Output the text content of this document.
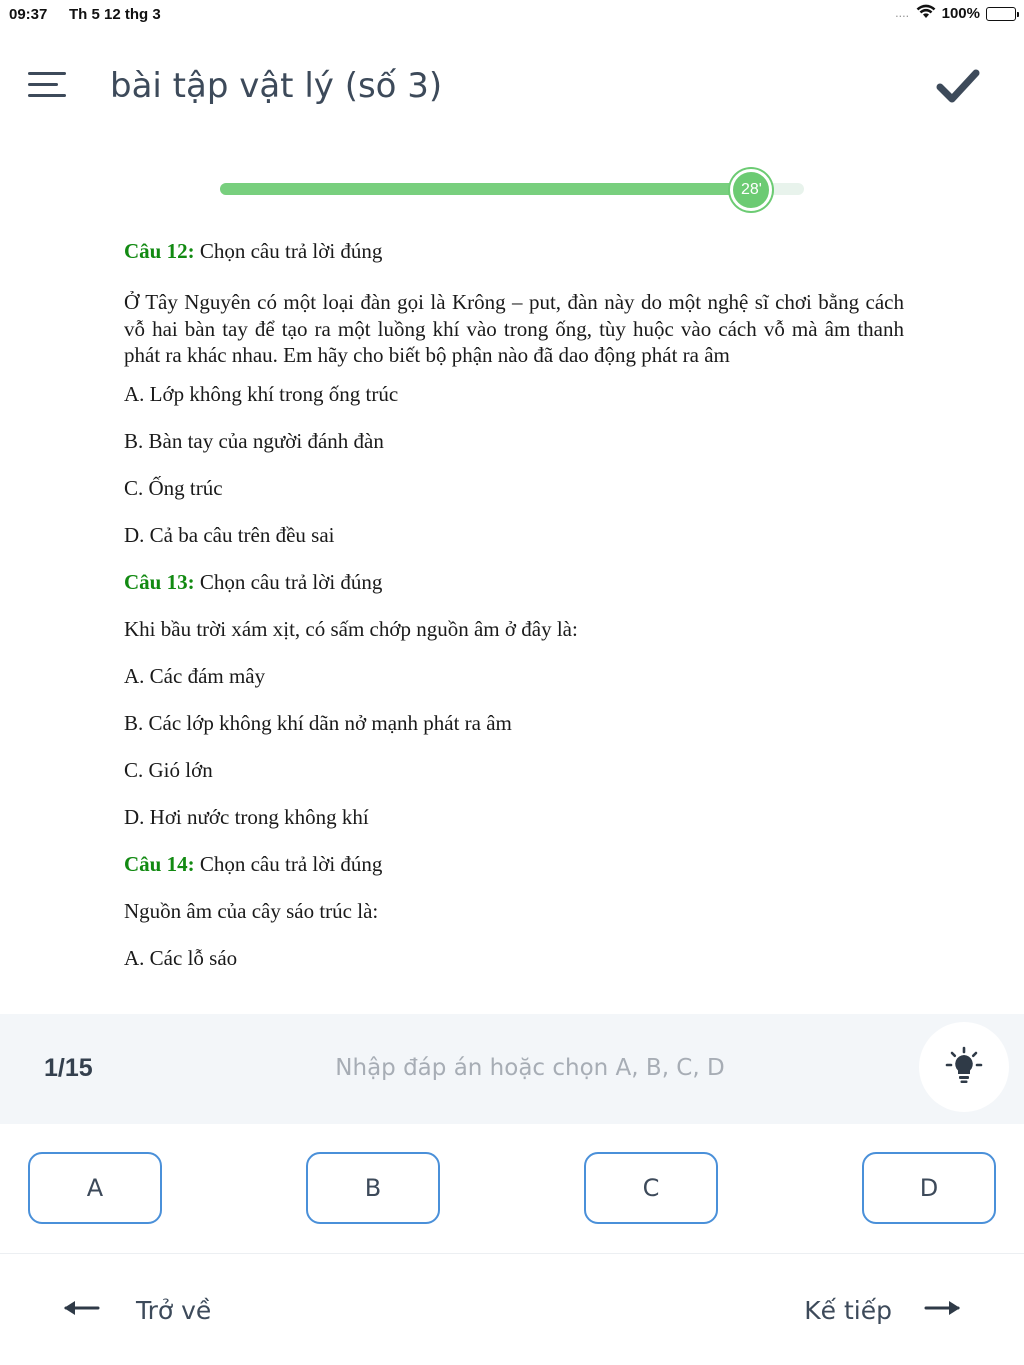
09:37 Th 5 12 thg 3	.... 100%
bài tập vật lý (số 3)
28'
Câu 12: Chọn câu trả lời đúng
Ở Tây Nguyên có một loại đàn gọi là Krông – put, đàn này do một nghệ sĩ chơi bằng cách vỗ hai bàn tay để tạo ra một luồng khí vào trong ống, tùy huộc vào cách vỗ mà âm thanh phát ra khác nhau. Em hãy cho biết bộ phận nào đã dao động phát ra âm
A. Lớp không khí trong ống trúc
B. Bàn tay của người đánh đàn
C. Ống trúc
D. Cả ba câu trên đều sai
Câu 13: Chọn câu trả lời đúng
Khi bầu trời xám xịt, có sấm chớp nguồn âm ở đây là:
A. Các đám mây
B. Các lớp không khí dãn nở mạnh phát ra âm
C. Gió lớn
D. Hơi nước trong không khí
Câu 14: Chọn câu trả lời đúng
Nguồn âm của cây sáo trúc là:
A. Các lỗ sáo
1/15
Nhập đáp án hoặc chọn A, B, C, D
A	B	C	D
Trở về	Kế tiếp
